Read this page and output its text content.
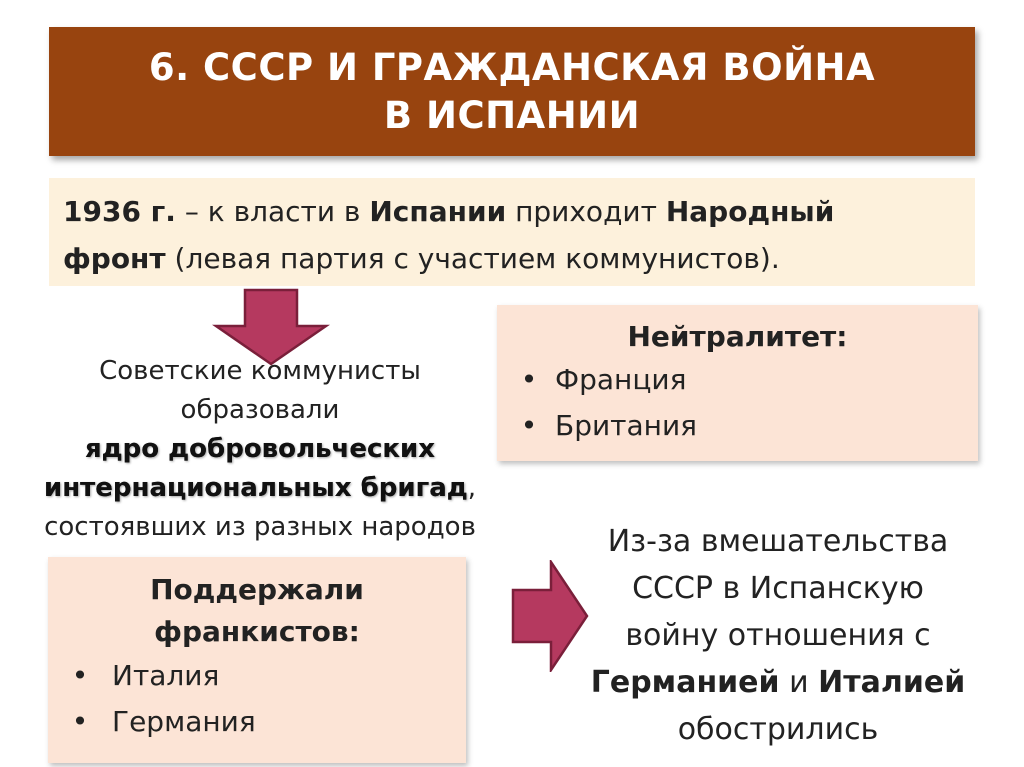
6. СССР И ГРАЖДАНСКАЯ ВОЙНА
В ИСПАНИИ
1936 г. – к власти в Испании приходит Народный
фронт (левая партия с участием коммунистов).
Советские коммунисты
образовали
ядро добровольческих
интернациональных бригад,
состоявших из разных народов
Нейтралитет:
• Франция
• Британия
Поддержали
франкистов:
• Италия
• Германия
Из-за вмешательства
СССР в Испанскую
войну отношения с
Германией и Италией
обострились
